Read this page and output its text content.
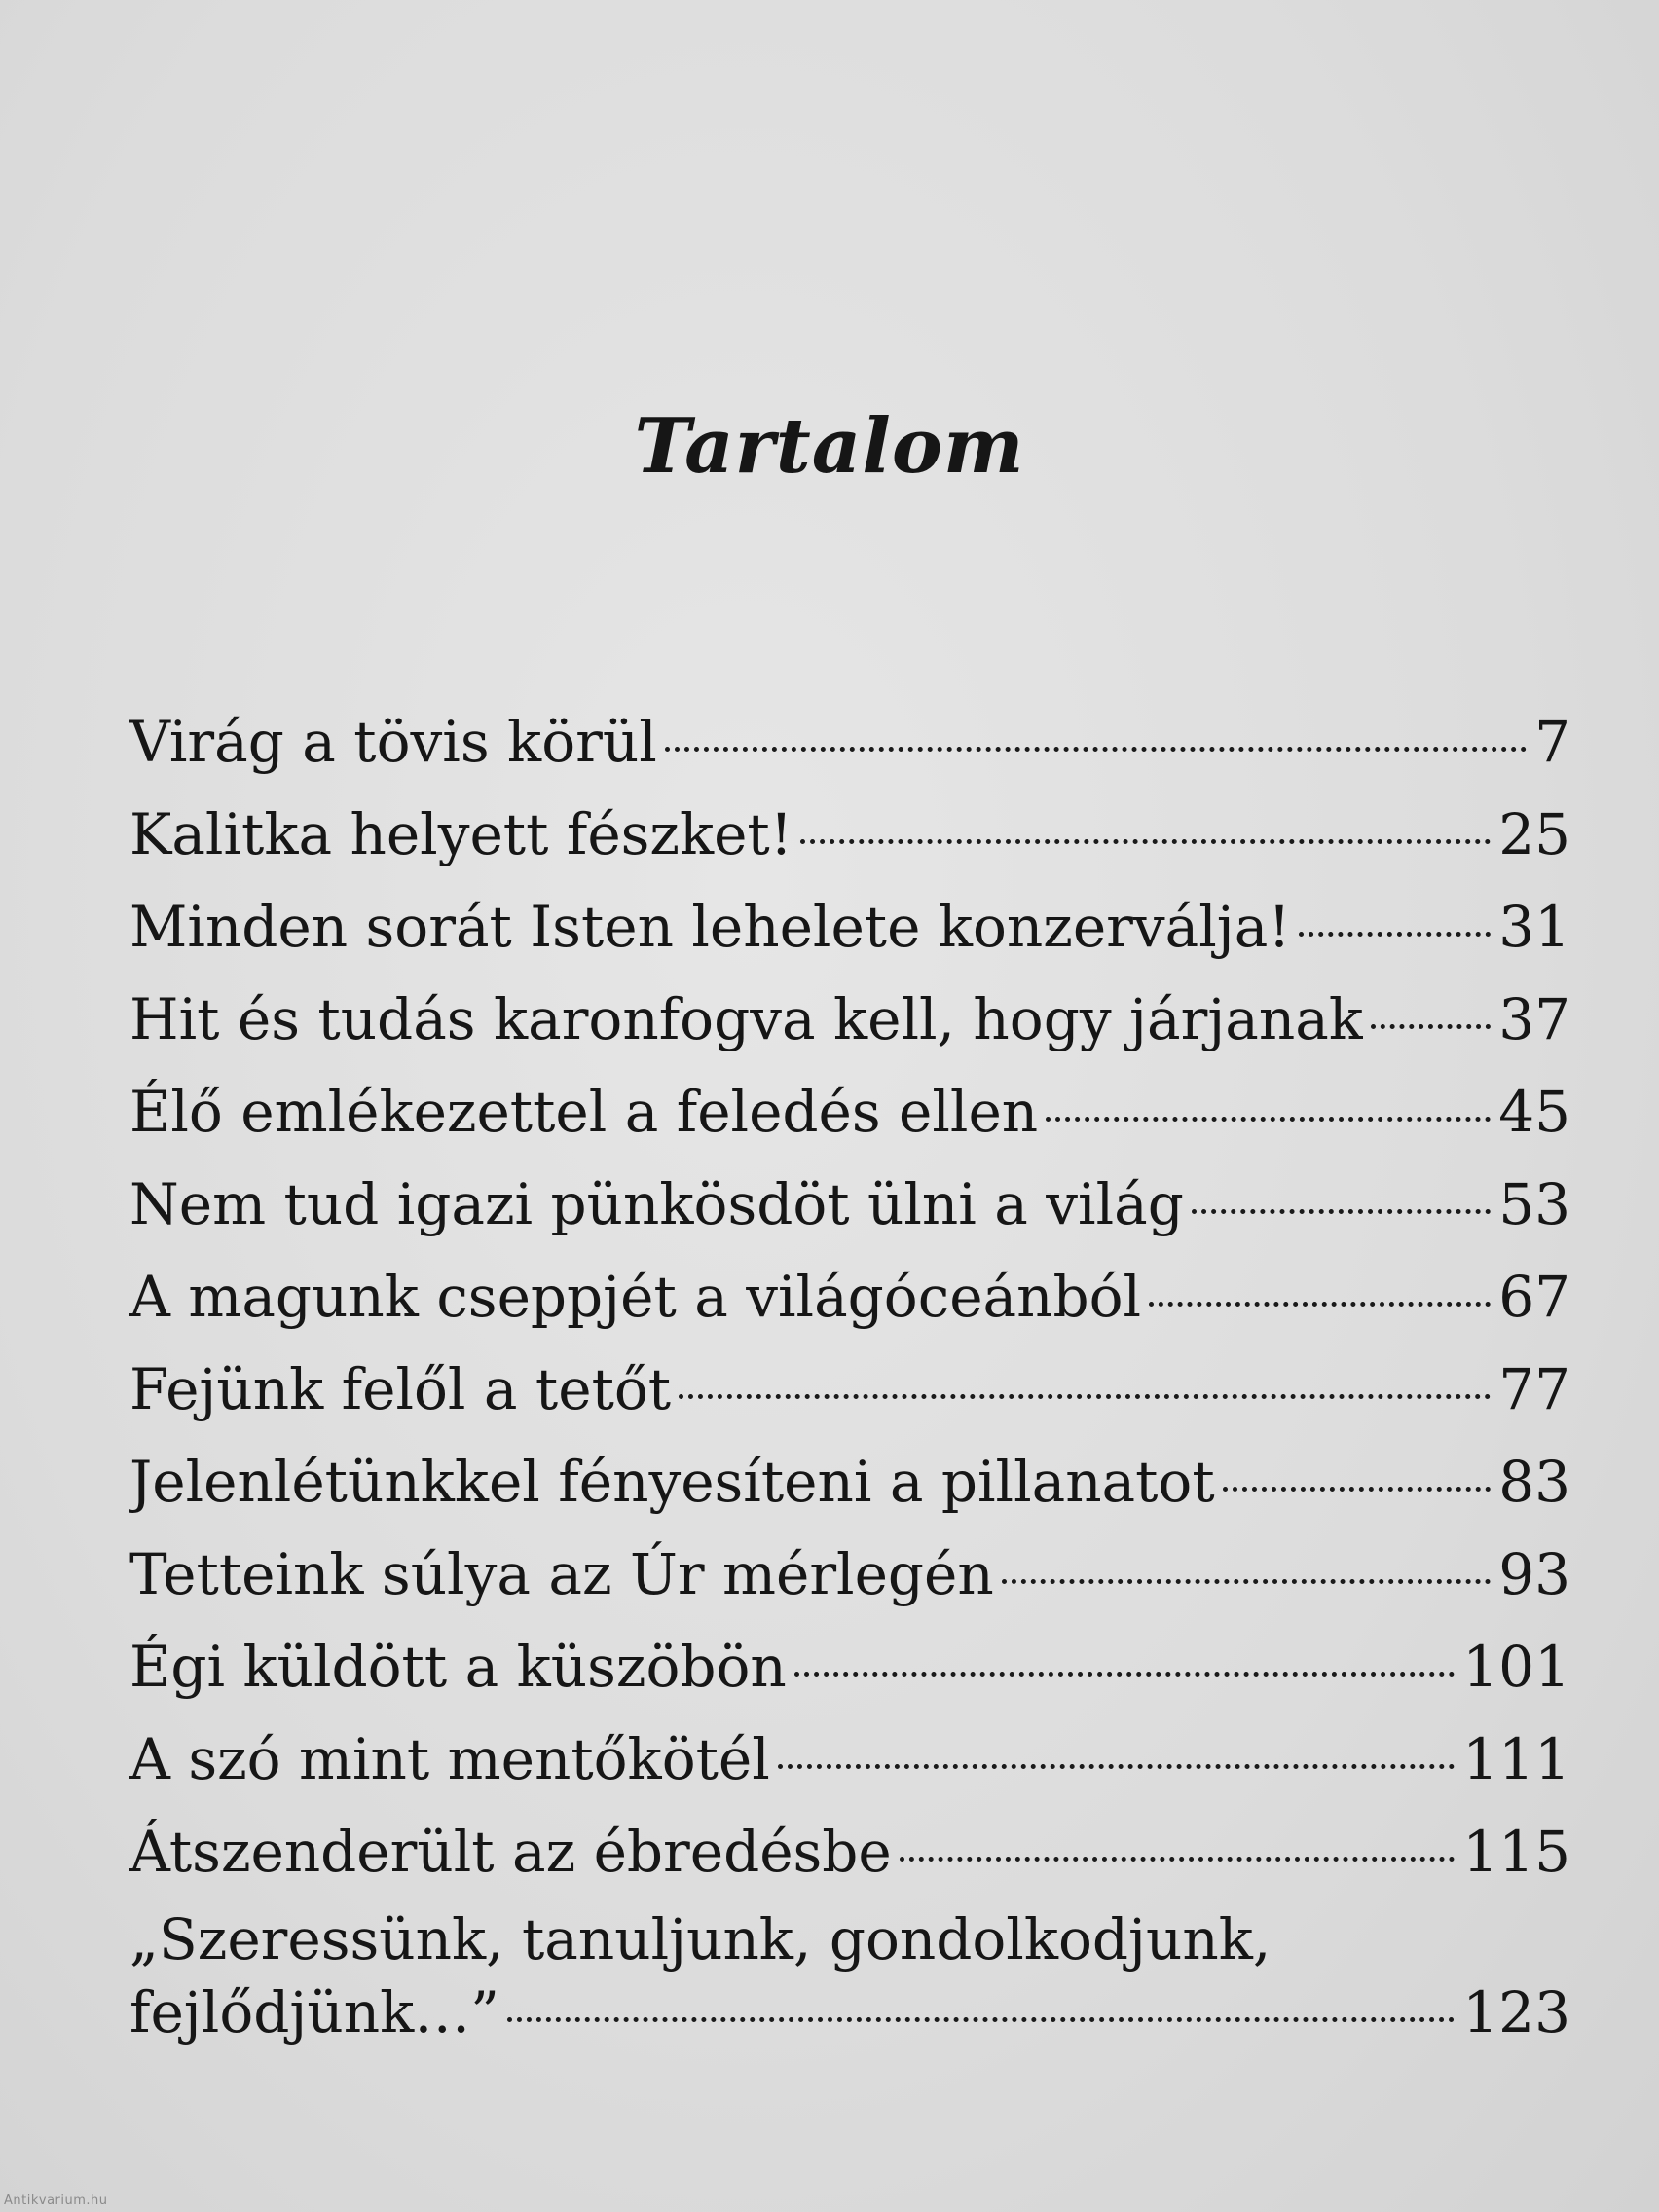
Tartalom
Virág a tövis körül	7
Kalitka helyett fészket!	25
Minden sorát Isten lehelete konzerválja!	31
Hit és tudás karonfogva kell, hogy járjanak 37
Élő emlékezettel a feledés ellen	45
Nem tud igazi pünkösdöt ülni a világ	53
A magunk cseppjét a világóceánból	67
Fejünk felől a tetőt	77
Jelenlétünkkel fényesíteni a pillanatot	83
Tetteink súlya az Úr mérlegén	93
Égi küldött a küszöbön	101
A szó mint mentőkötél	111
Átszenderült az ébredésbe	115
„Szeressünk, tanuljunk, gondolkodjunk,
fejlődjünk…”	123
Antikvarium.hu
